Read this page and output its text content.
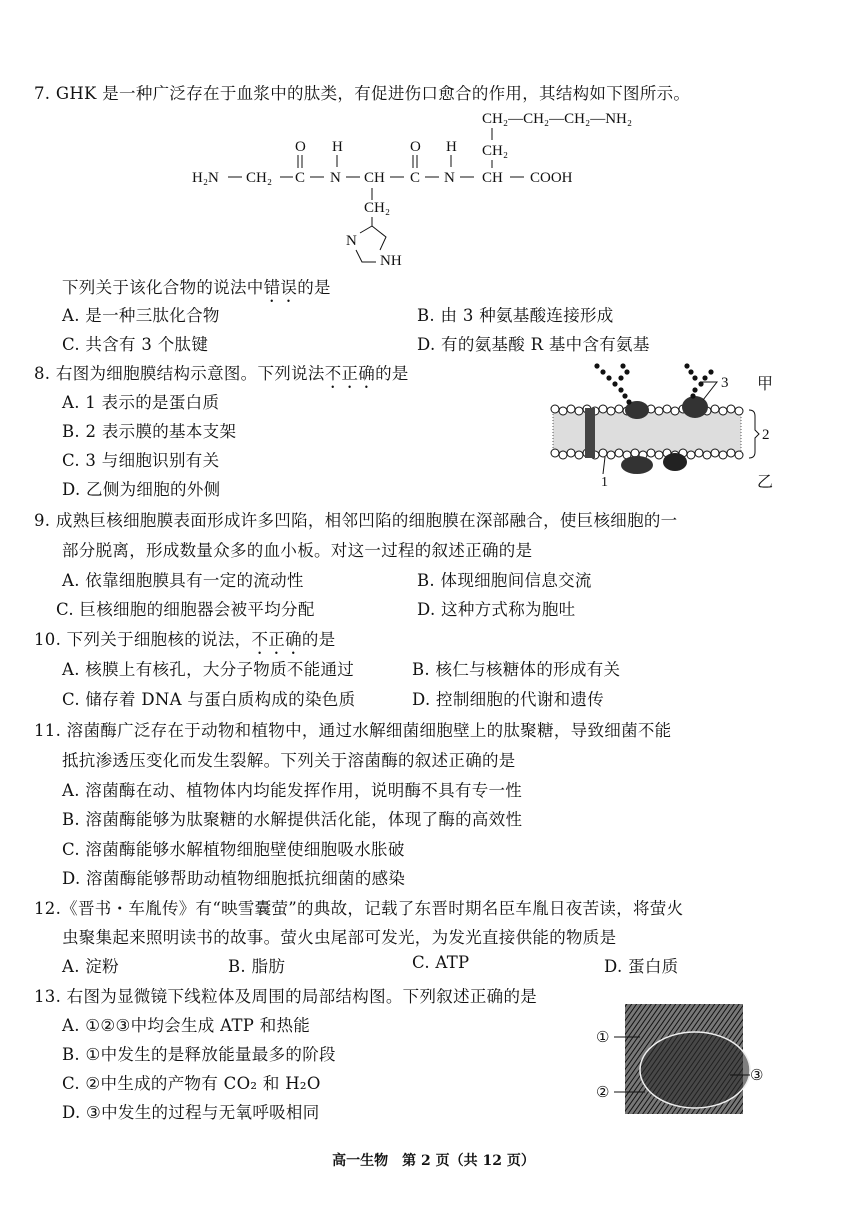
7. GHK 是一种广泛存在于血浆中的肽类，有促进伤口愈合的作用，其结构如下图所示。
CH₂—CH₂—CH₂—NH₂
CH₂
H₂N CH₂ C
O
N
H
CH C
O
N
H
CH COOH
CH₂
N
NH
下列关于该化合物的说法中错误的是
A. 是一种三肽化合物	B. 由 3 种氨基酸连接形成
C. 共含有 3 个肽键	D. 有的氨基酸 R 基中含有氨基
8. 右图为细胞膜结构示意图。下列说法不正确的是
A. 1 表示的是蛋白质
B. 2 表示膜的基本支架
C. 3 与细胞识别有关
D. 乙侧为细胞的外侧	1
2
3 甲
乙
9. 成熟巨核细胞膜表面形成许多凹陷，相邻凹陷的细胞膜在深部融合，使巨核细胞的一
部分脱离，形成数量众多的血小板。对这一过程的叙述正确的是
A. 依靠细胞膜具有一定的流动性	B. 体现细胞间信息交流
C. 巨核细胞的细胞器会被平均分配	D. 这种方式称为胞吐
10. 下列关于细胞核的说法，不正确的是
A. 核膜上有核孔，大分子物质不能通过	B. 核仁与核糖体的形成有关
C. 储存着 DNA 与蛋白质构成的染色质	D. 控制细胞的代谢和遗传
11. 溶菌酶广泛存在于动物和植物中，通过水解细菌细胞壁上的肽聚糖，导致细菌不能
抵抗渗透压变化而发生裂解。下列关于溶菌酶的叙述正确的是
A. 溶菌酶在动、植物体内均能发挥作用，说明酶不具有专一性
B. 溶菌酶能够为肽聚糖的水解提供活化能，体现了酶的高效性
C. 溶菌酶能够水解植物细胞壁使细胞吸水胀破
D. 溶菌酶能够帮助动植物细胞抵抗细菌的感染
12.《晋书・车胤传》有“映雪囊萤”的典故，记载了东晋时期名臣车胤日夜苦读，将萤火
虫聚集起来照明读书的故事。萤火虫尾部可发光，为发光直接供能的物质是
A. 淀粉	B. 脂肪	C. ATP	D. 蛋白质
13. 右图为显微镜下线粒体及周围的局部结构图。下列叙述正确的是
A. ①②③中均会生成 ATP 和热能
B. ①中发生的是释放能量最多的阶段
C. ②中生成的产物有 CO₂ 和 H₂O
D. ③中发生的过程与无氧呼吸相同
①
②
③
高一生物　第 2 页（共 12 页）
